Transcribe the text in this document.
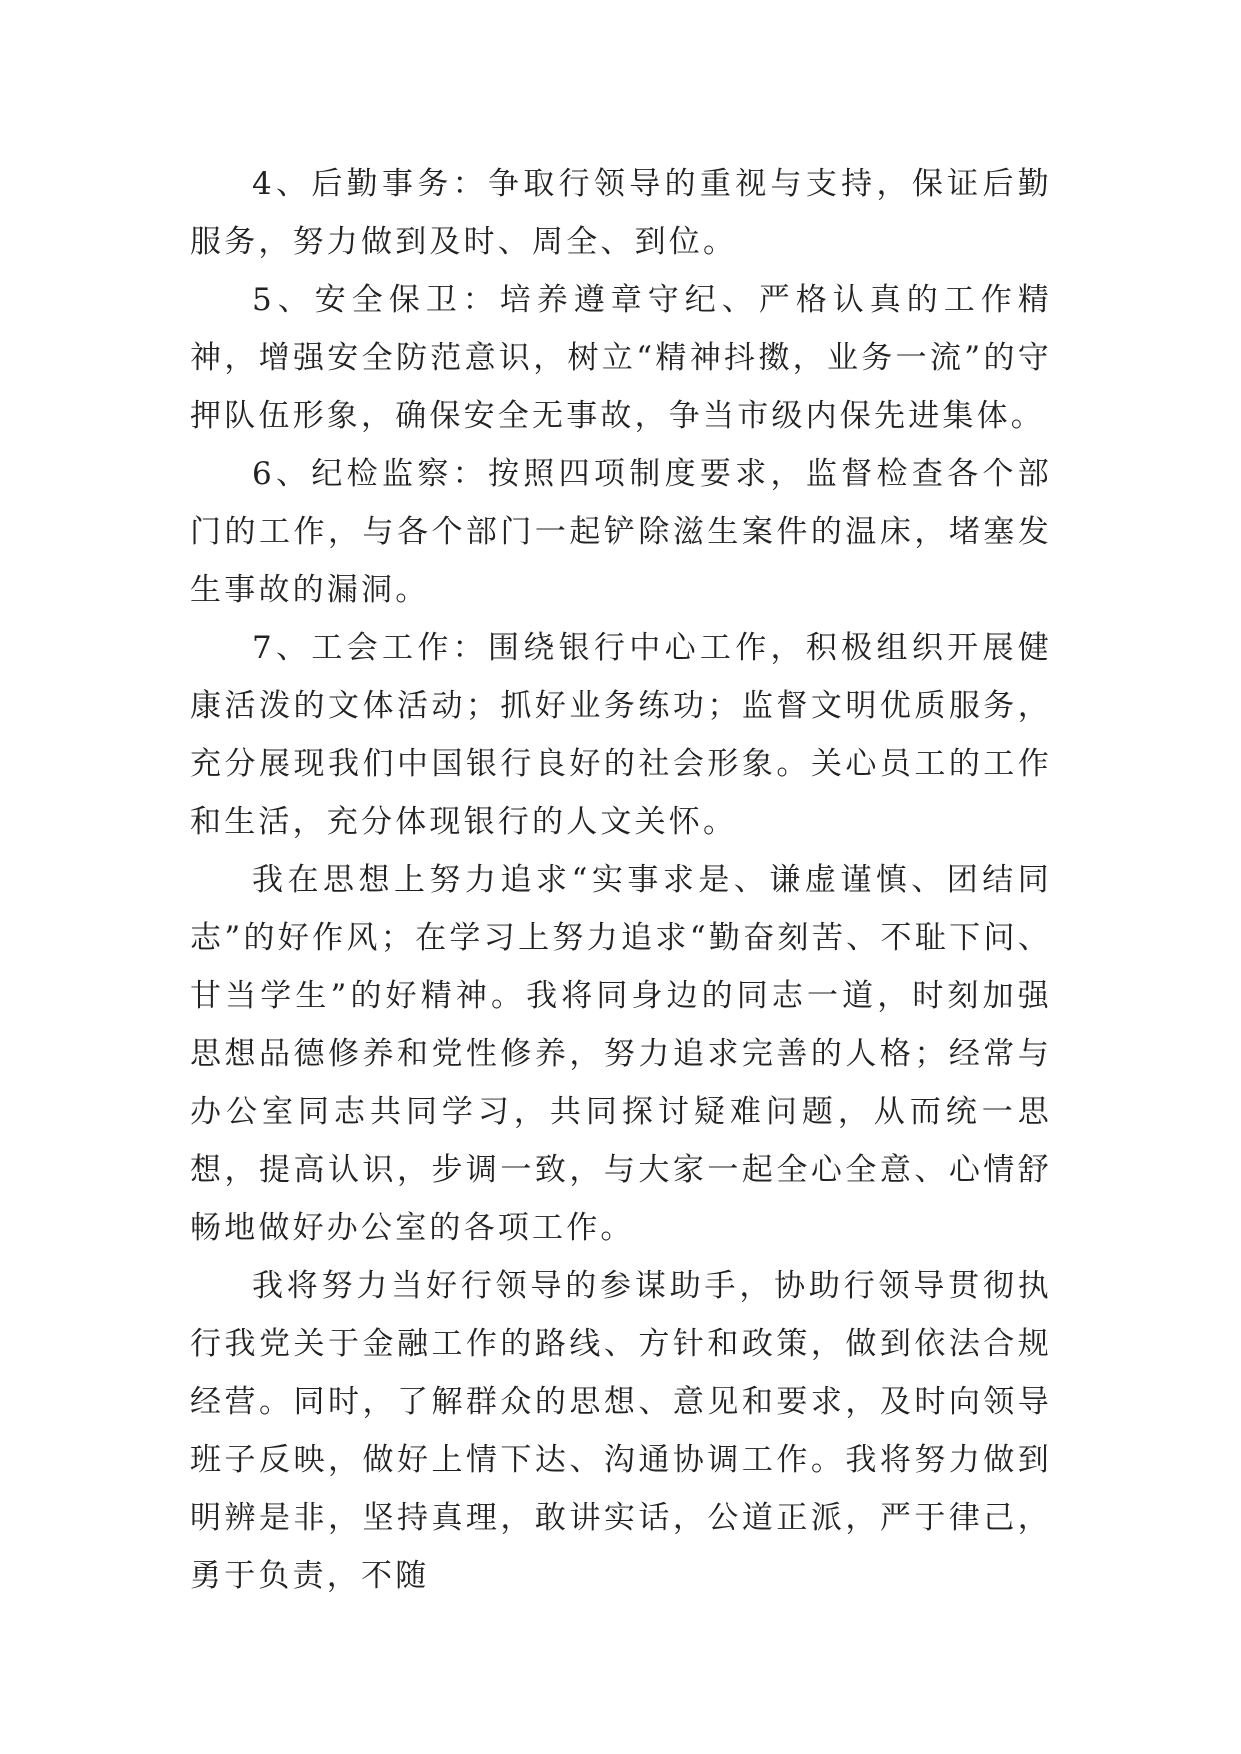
4、后勤事务：争取行领导的重视与支持，保证后勤服务，努力做到及时、周全、到位。

5、安全保卫：培养遵章守纪、严格认真的工作精神，增强安全防范意识，树立“精神抖擞，业务一流”的守押队伍形象，确保安全无事故，争当市级内保先进集体。

6、纪检监察：按照四项制度要求，监督检查各个部门的工作，与各个部门一起铲除滋生案件的温床，堵塞发生事故的漏洞。

7、工会工作：围绕银行中心工作，积极组织开展健康活泼的文体活动；抓好业务练功；监督文明优质服务，充分展现我们中国银行良好的社会形象。关心员工的工作和生活，充分体现银行的人文关怀。

我在思想上努力追求“实事求是、谦虚谨慎、团结同志”的好作风；在学习上努力追求“勤奋刻苦、不耻下问、甘当学生”的好精神。我将同身边的同志一道，时刻加强思想品德修养和党性修养，努力追求完善的人格；经常与办公室同志共同学习，共同探讨疑难问题，从而统一思想，提高认识，步调一致，与大家一起全心全意、心情舒畅地做好办公室的各项工作。

我将努力当好行领导的参谋助手，协助行领导贯彻执行我党关于金融工作的路线、方针和政策，做到依法合规经营。同时，了解群众的思想、意见和要求，及时向领导班子反映，做好上情下达、沟通协调工作。我将努力做到明辨是非，坚持真理，敢讲实话，公道正派，严于律己，勇于负责，不随
